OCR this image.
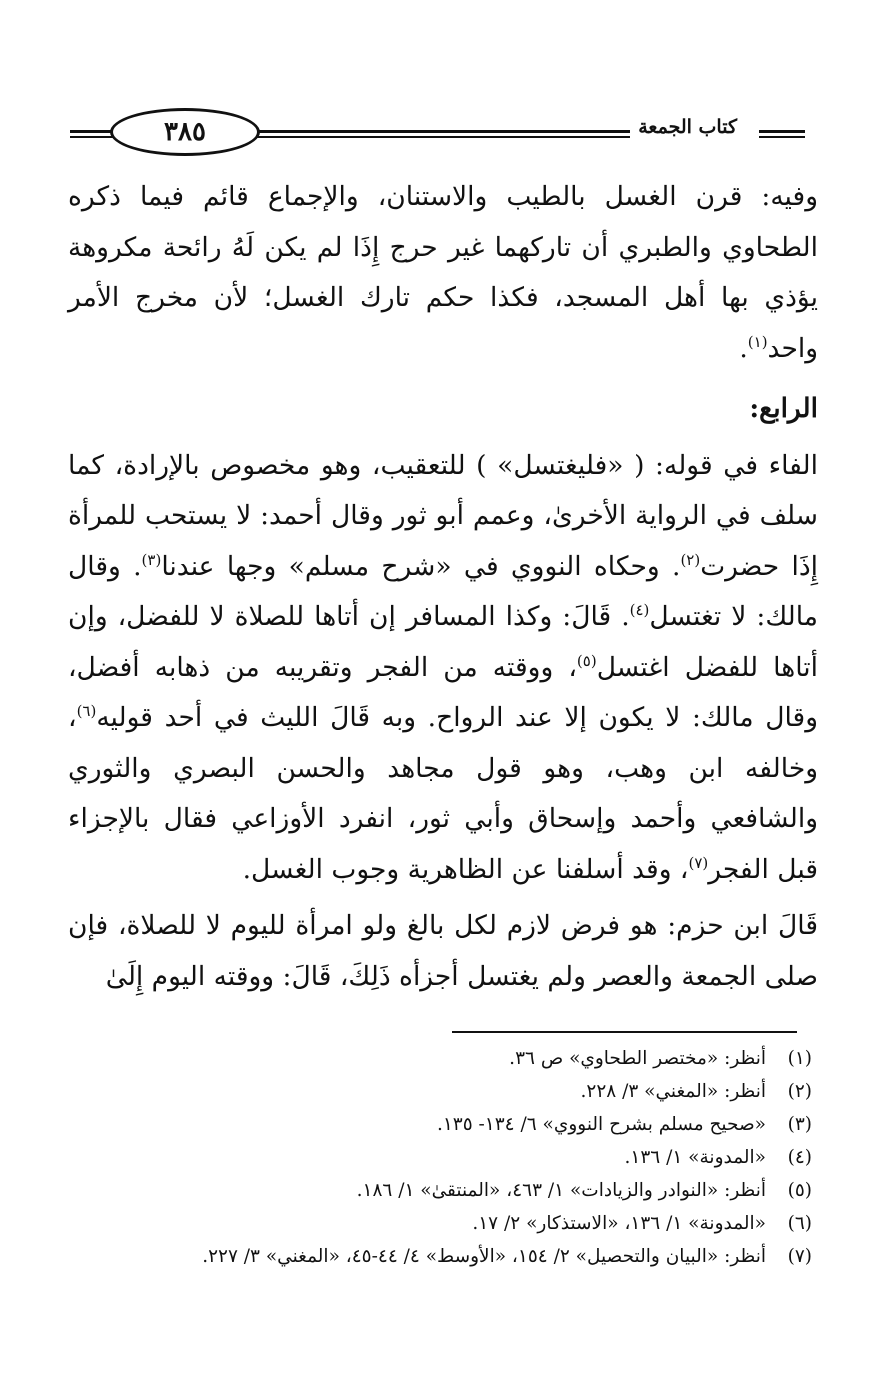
كتاب الجمعة
٣٨٥

وفيه: قرن الغسل بالطيب والاستنان، والإجماع قائم فيما ذكره الطحاوي والطبري أن تاركهما غير حرج إِذَا لم يكن لَهُ رائحة مكروهة يؤذي بها أهل المسجد، فكذا حكم تارك الغسل؛ لأن مخرج الأمر واحد$^{(١)}$.

الرابع:

الفاء في قوله: ( «فليغتسل» ) للتعقيب، وهو مخصوص بالإرادة، كما سلف في الرواية الأخرىٰ، وعمم أبو ثور وقال أحمد: لا يستحب للمرأة إِذَا حضرت$^{(٢)}$. وحكاه النووي في «شرح مسلم» وجها عندنا$^{(٣)}$. وقال مالك: لا تغتسل$^{(٤)}$. قَالَ: وكذا المسافر إن أتاها للصلاة لا للفضل، وإن أتاها للفضل اغتسل$^{(٥)}$، ووقته من الفجر وتقريبه من ذهابه أفضل، وقال مالك: لا يكون إلا عند الرواح. وبه قَالَ الليث في أحد قوليه$^{(٦)}$، وخالفه ابن وهب، وهو قول مجاهد والحسن البصري والثوري والشافعي وأحمد وإسحاق وأبي ثور، انفرد الأوزاعي فقال بالإجزاء قبل الفجر$^{(٧)}$، وقد أسلفنا عن الظاهرية وجوب الغسل.

قَالَ ابن حزم: هو فرض لازم لكل بالغ ولو امرأة لليوم لا للصلاة، فإن صلى الجمعة والعصر ولم يغتسل أجزأه ذَلِكَ، قَالَ: ووقته اليوم إِلَىٰ

(١)
أنظر: «مختصر الطحاوي» ص ٣٦.
(٢)
أنظر: «المغني» ٣/ ٢٢٨.
(٣)
«صحيح مسلم بشرح النووي» ٦/ ١٣٤- ١٣٥.
(٤)
«المدونة» ١/ ١٣٦.
(٥)
أنظر: «النوادر والزيادات» ١/ ٤٦٣، «المنتقىٰ» ١/ ١٨٦.
(٦)
«المدونة» ١/ ١٣٦، «الاستذكار» ٢/ ١٧.
(٧)
أنظر: «البيان والتحصيل» ٢/ ١٥٤، «الأوسط» ٤/ ٤٤-٤٥، «المغني» ٣/ ٢٢٧.
